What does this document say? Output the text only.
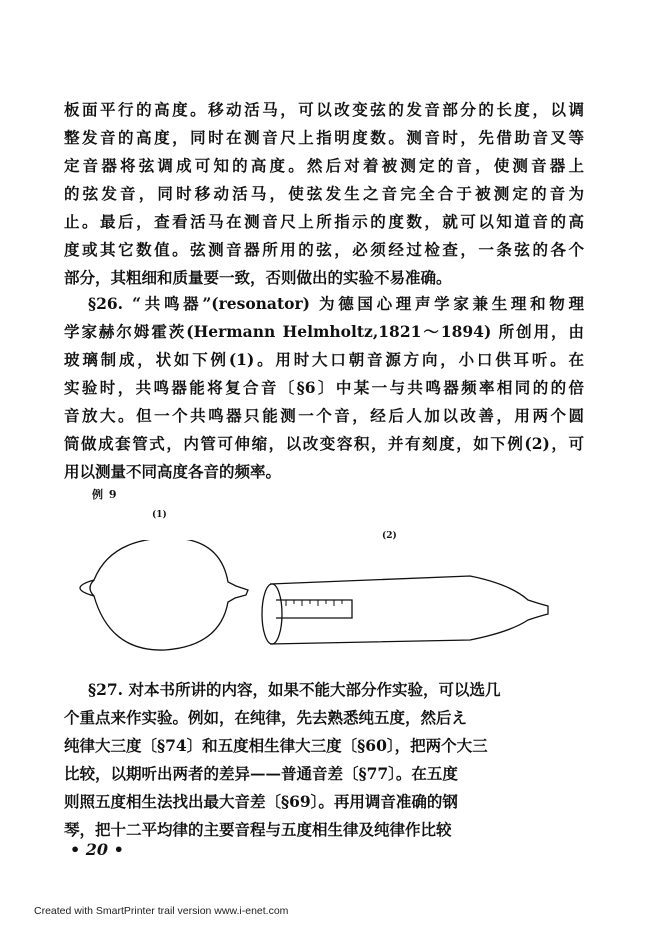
板面平行的高度。移动活马，可以改变弦的发音部分的长度，以调
整发音的高度，同时在测音尺上指明度数。测音时，先借助音叉等
定音器将弦调成可知的高度。然后对着被测定的音，使测音器上
的弦发音，同时移动活马，使弦发生之音完全合于被测定的音为
止。最后，查看活马在测音尺上所指示的度数，就可以知道音的高
度或其它数值。弦测音器所用的弦，必须经过检查，一条弦的各个
部分，其粗细和质量要一致，否则做出的实验不易准确。
§26. “共鸣器”(resonator) 为德国心理声学家兼生理和物理
学家赫尔姆霍茨(Hermann Helmholtz,1821～1894) 所创用，由
玻璃制成，状如下例(1)。用时大口朝音源方向，小口供耳听。在
实验时，共鸣器能将复合音〔§6〕中某一与共鸣器频率相同的的倍
音放大。但一个共鸣器只能测一个音，经后人加以改善，用两个圆
筒做成套管式，内管可伸缩，以改变容积，并有刻度，如下例(2)，可
用以测量不同高度各音的频率。
例 9
(1)
(2)
§27. 对本书所讲的内容，如果不能大部分作实验，可以选几
个重点来作实验。例如，在纯律，先去熟悉纯五度，然后え
纯律大三度〔§74〕和五度相生律大三度〔§60〕，把两个大三
比较，以期听出两者的差异——普通音差〔§77〕。在五度
则照五度相生法找出最大音差〔§69〕。再用调音准确的钢
琴，把十二平均律的主要音程与五度相生律及纯律作比较
• 20 •
Created with SmartPrinter trail version www.i-enet.com
